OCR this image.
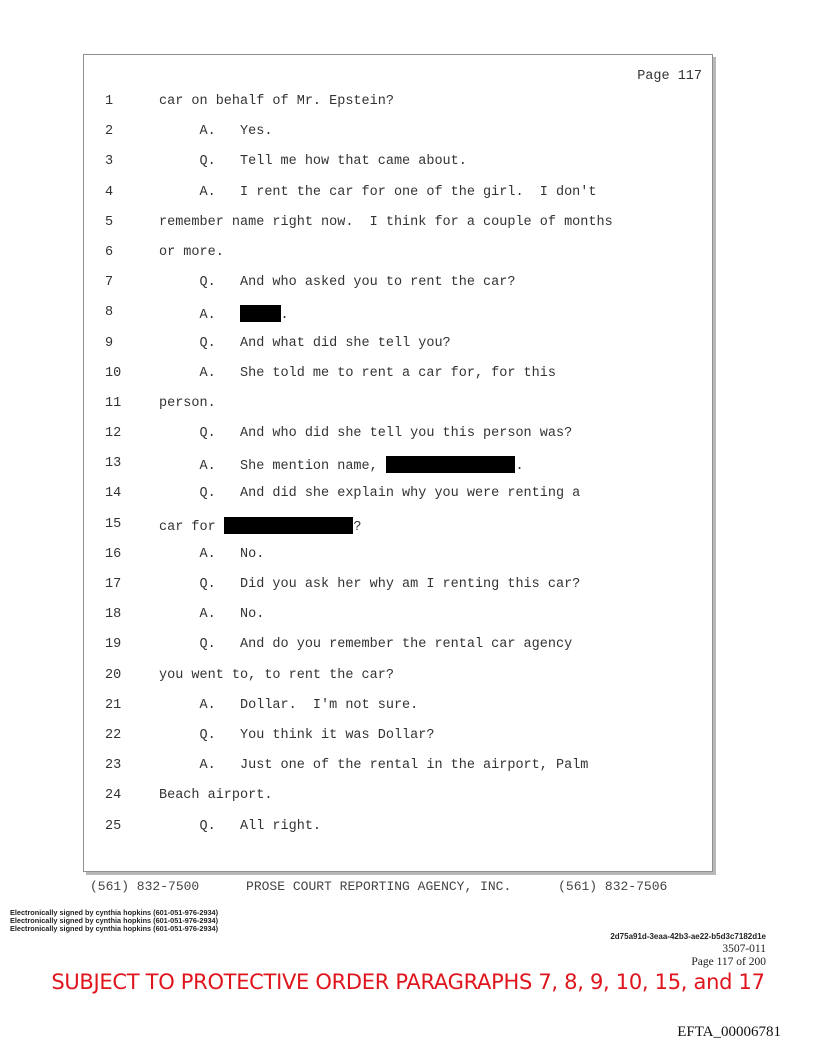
Page 117
1	car on behalf of Mr. Epstein?
2	A.   Yes.
3	Q.   Tell me how that came about.
4	A.   I rent the car for one of the girl.  I don't
5	remember name right now.  I think for a couple of months
6	or more.
7	Q.   And who asked you to rent the car?
8	A.	.
9	Q.   And what did she tell you?
10	A.   She told me to rent a car for, for this
11	person.
12	Q.   And who did she tell you this person was?
13	A.   She mention name,	.
14	Q.   And did she explain why you were renting a
15	car for	?
16	A.   No.
17	Q.   Did you ask her why am I renting this car?
18	A.   No.
19	Q.   And do you remember the rental car agency
20	you went to, to rent the car?
21	A.   Dollar.  I'm not sure.
22	Q.   You think it was Dollar?
23	A.   Just one of the rental in the airport, Palm
24	Beach airport.
25	Q.   All right.
(561) 832-7500	PROSE COURT REPORTING AGENCY, INC.	(561) 832-7506
Electronically signed by cynthia hopkins (601-051-976-2934)
Electronically signed by cynthia hopkins (601-051-976-2934)
Electronically signed by cynthia hopkins (601-051-976-2934)
2d75a91d-3eaa-42b3-ae22-b5d3c7182d1e
3507-011
Page 117 of 200
SUBJECT TO PROTECTIVE ORDER PARAGRAPHS 7, 8, 9, 10, 15, and 17
EFTA_00006781
